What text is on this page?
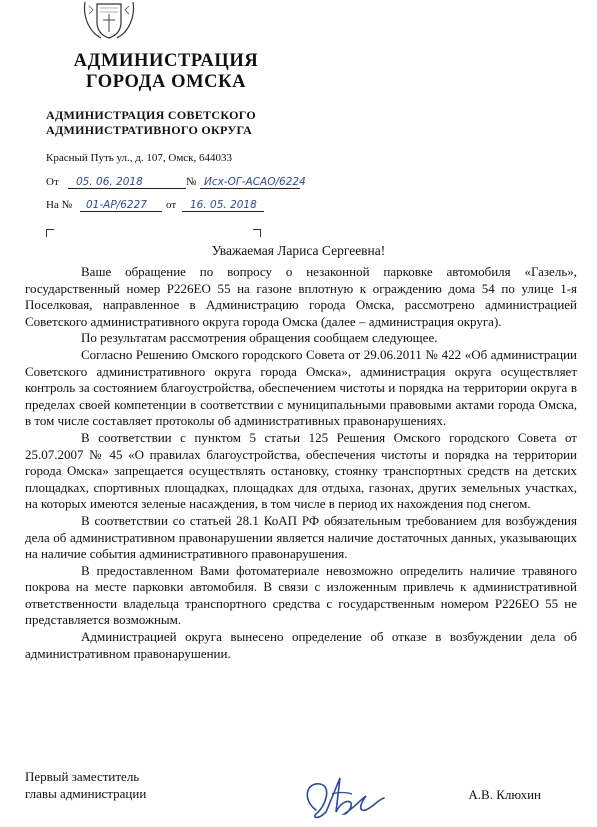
АДМИНИСТРАЦИЯ
ГОРОДА ОМСКА
АДМИНИСТРАЦИЯ СОВЕТСКОГО
АДМИНИСТРАТИВНОГО ОКРУГА
Красный Путь ул., д. 107, Омск, 644033
От 05. 06. 2018	№ Исх-ОГ-АСАО/6224
На № 01-АР/6227 от 16. 05. 2018
Уважаемая Лариса Сергеевна!

Ваше обращение по вопросу о незаконной парковке автомобиля «Газель», государственный номер Р226ЕО 55 на газоне вплотную к ограждению дома 54 по улице 1-я Поселковая, направленное в Администрацию города Омска, рассмотрено администрацией Советского административного округа города Омска (далее – администрация округа).

По результатам рассмотрения обращения сообщаем следующее.

Согласно Решению Омского городского Совета от 29.06.2011 № 422 «Об администрации Советского административного округа города Омска», администрация округа осуществляет контроль за состоянием благоустройства, обеспечением чистоты и порядка на территории округа в пределах своей компетенции в соответствии с муниципальными правовыми актами города Омска, в том числе составляет протоколы об административных правонарушениях.

В соответствии с пунктом 5 статьи 125 Решения Омского городского Совета от 25.07.2007 № 45 «О правилах благоустройства, обеспечения чистоты и порядка на территории города Омска» запрещается осуществлять остановку, стоянку транспортных средств на детских площадках, спортивных площадках, площадках для отдыха, газонах, других земельных участках, на которых имеются зеленые насаждения, в том числе в период их нахождения под снегом.

В соответствии со статьей 28.1 КоАП РФ обязательным требованием для возбуждения дела об административном правонарушении является наличие достаточных данных, указывающих на наличие события административного правонарушения.

В предоставленном Вами фотоматериале невозможно определить наличие травяного покрова на месте парковки автомобиля. В связи с изложенным привлечь к административной ответственности владельца транспортного средства с государственным номером Р226ЕО 55 не представляется возможным.

Администрацией округа вынесено определение об отказе в возбуждении дела об административном правонарушении.

Первый заместитель
главы администрации	А.В. Клюхин
